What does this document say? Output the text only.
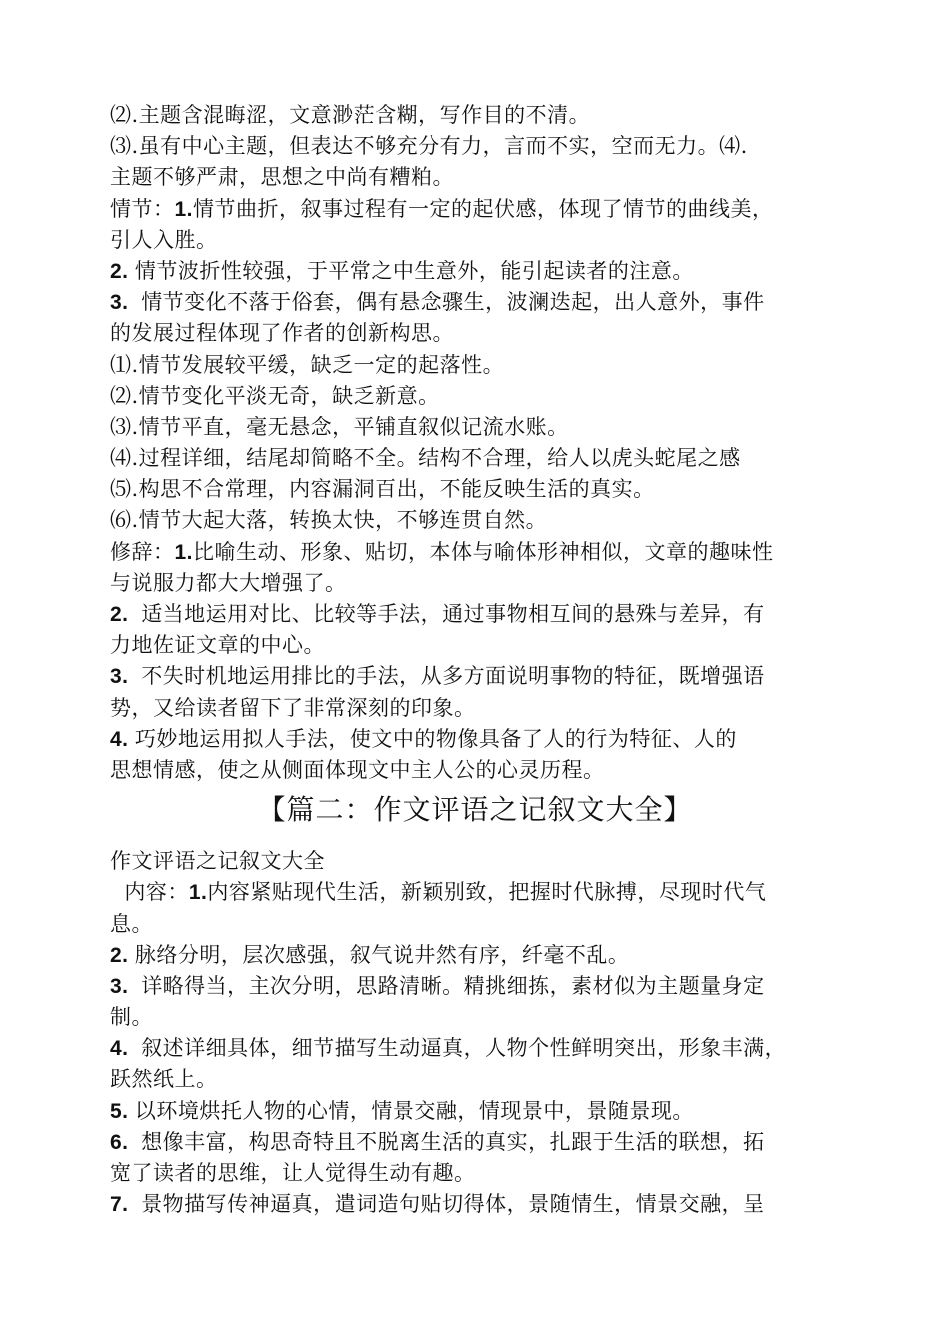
⑵.主题含混晦涩，文意渺茫含糊，写作目的不清。
⑶.虽有中心主题，但表达不够充分有力，言而不实，空而无力。⑷.
主题不够严肃，思想之中尚有糟粕。
情节：1.情节曲折，叙事过程有一定的起伏感，体现了情节的曲线美，
引人入胜。
2. 情节波折性较强，于平常之中生意外，能引起读者的注意。
3.  情节变化不落于俗套，偶有悬念骤生，波澜迭起，出人意外，事件
的发展过程体现了作者的创新构思。
⑴.情节发展较平缓，缺乏一定的起落性。
⑵.情节变化平淡无奇，缺乏新意。
⑶.情节平直，毫无悬念，平铺直叙似记流水账。
⑷.过程详细，结尾却简略不全。结构不合理，给人以虎头蛇尾之感
⑸.构思不合常理，内容漏洞百出，不能反映生活的真实。
⑹.情节大起大落，转换太快，不够连贯自然。
修辞：1.比喻生动、形象、贴切，本体与喻体形神相似，文章的趣味性
与说服力都大大增强了。
2.  适当地运用对比、比较等手法，通过事物相互间的悬殊与差异，有
力地佐证文章的中心。
3.  不失时机地运用排比的手法，从多方面说明事物的特征，既增强语
势，又给读者留下了非常深刻的印象。
4. 巧妙地运用拟人手法，使文中的物像具备了人的行为特征、人的
思想情感，使之从侧面体现文中主人公的心灵历程。
【篇二：作文评语之记叙文大全】
作文评语之记叙文大全
内容：1.内容紧贴现代生活，新颖别致，把握时代脉搏，尽现时代气
息。
2. 脉络分明，层次感强，叙气说井然有序，纤毫不乱。
3.  详略得当，主次分明，思路清晰。精挑细拣，素材似为主题量身定
制。
4.  叙述详细具体，细节描写生动逼真，人物个性鲜明突出，形象丰满，
跃然纸上。
5. 以环境烘托人物的心情，情景交融，情现景中，景随景现。
6.  想像丰富，构思奇特且不脱离生活的真实，扎跟于生活的联想，拓
宽了读者的思维，让人觉得生动有趣。
7.  景物描写传神逼真，遣词造句贴切得体，景随情生，情景交融，呈
